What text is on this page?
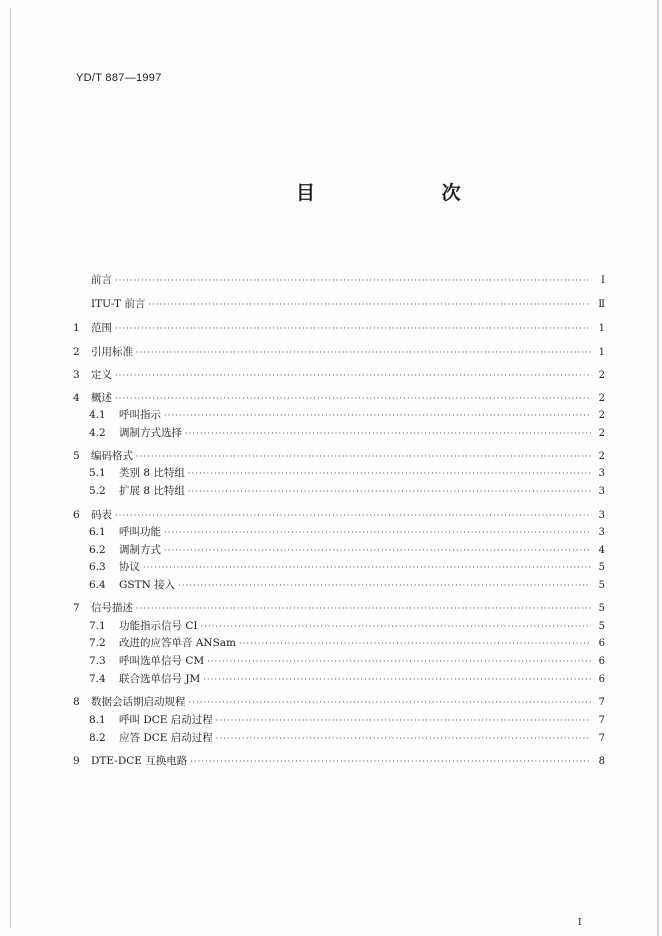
YD/T 887—1997
目 次
前言 ·····	Ⅰ
ITU-T 前言 ·····	Ⅱ
1	范围 ·····	1
2	引用标准 ·····	1
3	定义 ·····	2
4	概述 ·····	2
4.1	呼叫指示 ·····	2
4.2	调制方式选择 ·····	2
5	编码格式 ·····	2
5.1	类别 8 比特组 ·····	3
5.2	扩展 8 比特组 ·····	3
6	码表 ·····	3
6.1	呼叫功能 ·····	3
6.2	调制方式 ·····	4
6.3	协议 ·····	5
6.4	GSTN 接入 ·····	5
7	信号描述 ·····	5
7.1	功能指示信号 CI ·····	5
7.2	改进的应答单音 ANSam ·····	6
7.3	呼叫选单信号 CM ·····	6
7.4	联合选单信号 JM ·····	6
8	数据会话期启动规程 ·····	7
8.1	呼叫 DCE 启动过程 ·····	7
8.2	应答 DCE 启动过程 ·····	7
9	DTE-DCE 互换电路 ·····	8
I
